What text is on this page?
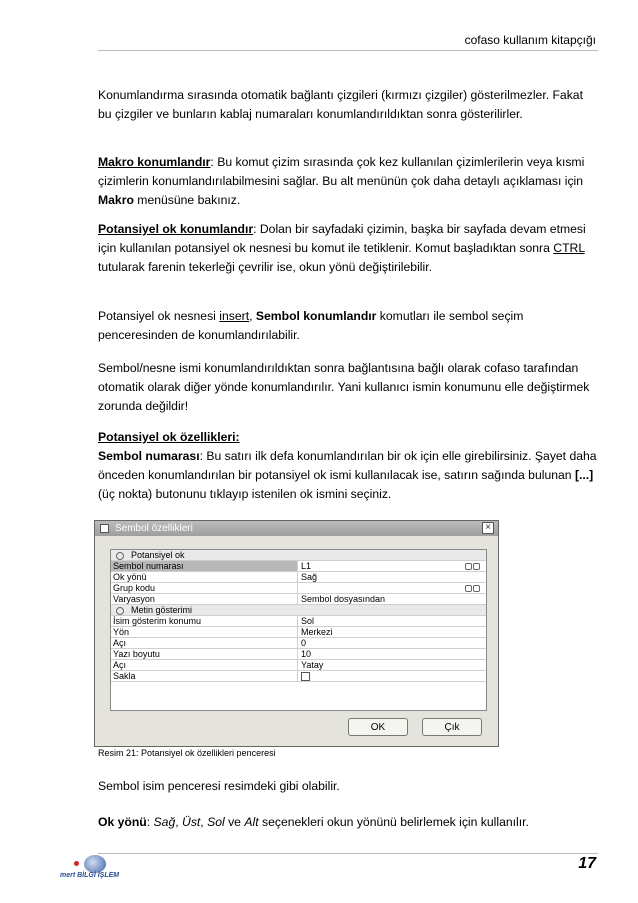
cofaso kullanım kitapçığı

Konumlandırma sırasında otomatik bağlantı çizgileri (kırmızı çizgiler) gösterilmezler. Fakat bu çizgiler ve bunların kablaj numaraları konumlandırıldıktan sonra gösterilirler.

Makro konumlandır: Bu komut çizim sırasında çok kez kullanılan çizimlerilerin veya kısmi çizimlerin konumlandırılabilmesini sağlar. Bu alt menünün çok daha detaylı açıklaması için Makro menüsüne bakınız.

Potansiyel ok konumlandır: Dolan bir sayfadaki çizimin, başka bir sayfada devam etmesi için kullanılan potansiyel ok nesnesi bu komut ile tetiklenir. Komut başladıktan sonra CTRL tutularak farenin tekerleği çevrilir ise, okun yönü değiştirilebilir.

Potansiyel ok nesnesi insert, Sembol konumlandır komutları ile sembol seçim penceresinden de konumlandırılabilir.

Sembol/nesne ismi konumlandırıldıktan sonra bağlantısına bağlı olarak cofaso tarafından otomatik olarak diğer yönde konumlandırılır. Yani kullanıcı ismin konumunu elle değiştirmek zorunda değildir!

Potansiyel ok özellikleri:
Sembol numarası: Bu satırı ilk defa konumlandırılan bir ok için elle girebilirsiniz. Şayet daha önceden konumlandırılan bir potansiyel ok ismi kullanılacak ise, satırın sağında bulunan [...] (üç nokta) butonunu tıklayıp istenilen ok ismini seçiniz.

Sembol özellikleri	×
Potansiyel ok
Sembol numarası	L1
Ok yönü	Sağ
Grup kodu
Varyasyon	Sembol dosyasından
Metin gösterimi
İsim gösterim konumu	Sol
Yön	Merkezi
Açı	0
Yazı boyutu	10
Açı	Yatay
Sakla
OK	Çık
Resim 21: Potansiyel ok özellikleri penceresi

Sembol isim penceresi resimdeki gibi olabilir.

Ok yönü: Sağ, Üst, Sol ve Alt seçenekleri okun yönünü belirlemek için kullanılır.

mert BİLGİ İŞLEM
17
